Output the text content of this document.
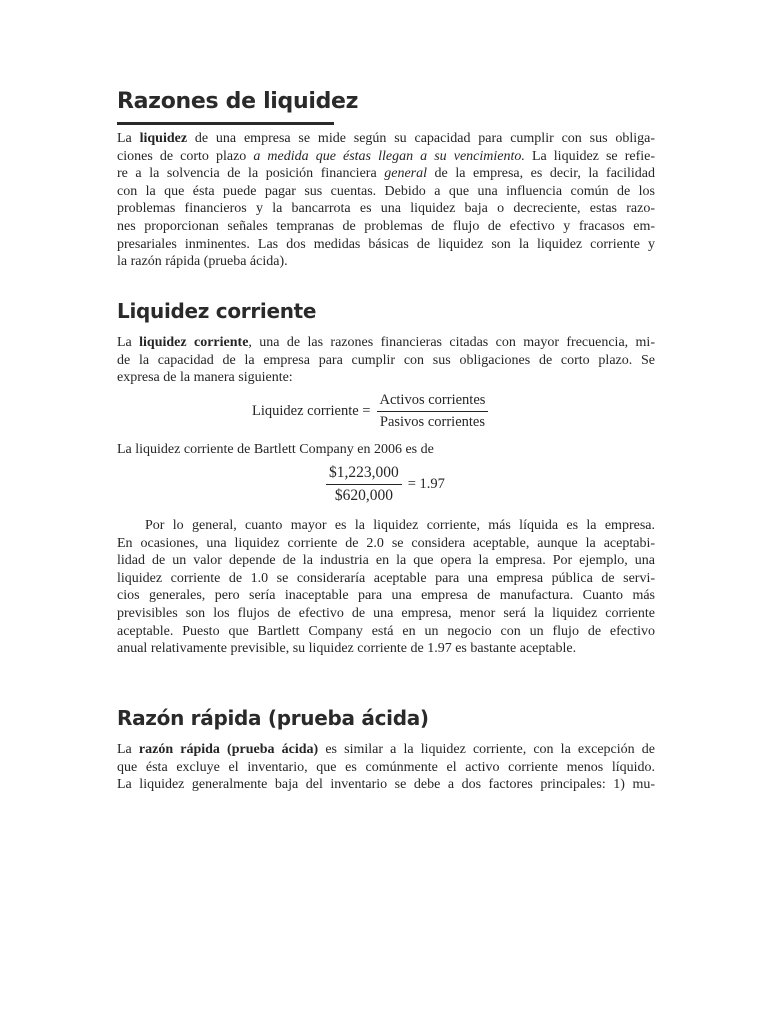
Razones de liquidez
La liquidez de una empresa se mide según su capacidad para cumplir con sus obliga-
ciones de corto plazo a medida que éstas llegan a su vencimiento. La liquidez se refie-
re a la solvencia de la posición financiera general de la empresa, es decir, la facilidad
con la que ésta puede pagar sus cuentas. Debido a que una influencia común de los
problemas financieros y la bancarrota es una liquidez baja o decreciente, estas razo-
nes proporcionan señales tempranas de problemas de flujo de efectivo y fracasos em-
presariales inminentes. Las dos medidas básicas de liquidez son la liquidez corriente y
la razón rápida (prueba ácida).
Liquidez corriente
La liquidez corriente, una de las razones financieras citadas con mayor frecuencia, mi-
de la capacidad de la empresa para cumplir con sus obligaciones de corto plazo. Se
expresa de la manera siguiente:
Liquidez corriente = $\frac{\text{Activos corrientes}}{\text{Pasivos corrientes}}$
La liquidez corriente de Bartlett Company en 2006 es de
$\frac{\$1,223,000}{\$620,000} = 1.97$
Por lo general, cuanto mayor es la liquidez corriente, más líquida es la empresa.
En ocasiones, una liquidez corriente de 2.0 se considera aceptable, aunque la aceptabi-
lidad de un valor depende de la industria en la que opera la empresa. Por ejemplo, una
liquidez corriente de 1.0 se consideraría aceptable para una empresa pública de servi-
cios generales, pero sería inaceptable para una empresa de manufactura. Cuanto más
previsibles son los flujos de efectivo de una empresa, menor será la liquidez corriente
aceptable. Puesto que Bartlett Company está en un negocio con un flujo de efectivo
anual relativamente previsible, su liquidez corriente de 1.97 es bastante aceptable.
Razón rápida (prueba ácida)
La razón rápida (prueba ácida) es similar a la liquidez corriente, con la excepción de
que ésta excluye el inventario, que es comúnmente el activo corriente menos líquido.
La liquidez generalmente baja del inventario se debe a dos factores principales: 1) mu-
